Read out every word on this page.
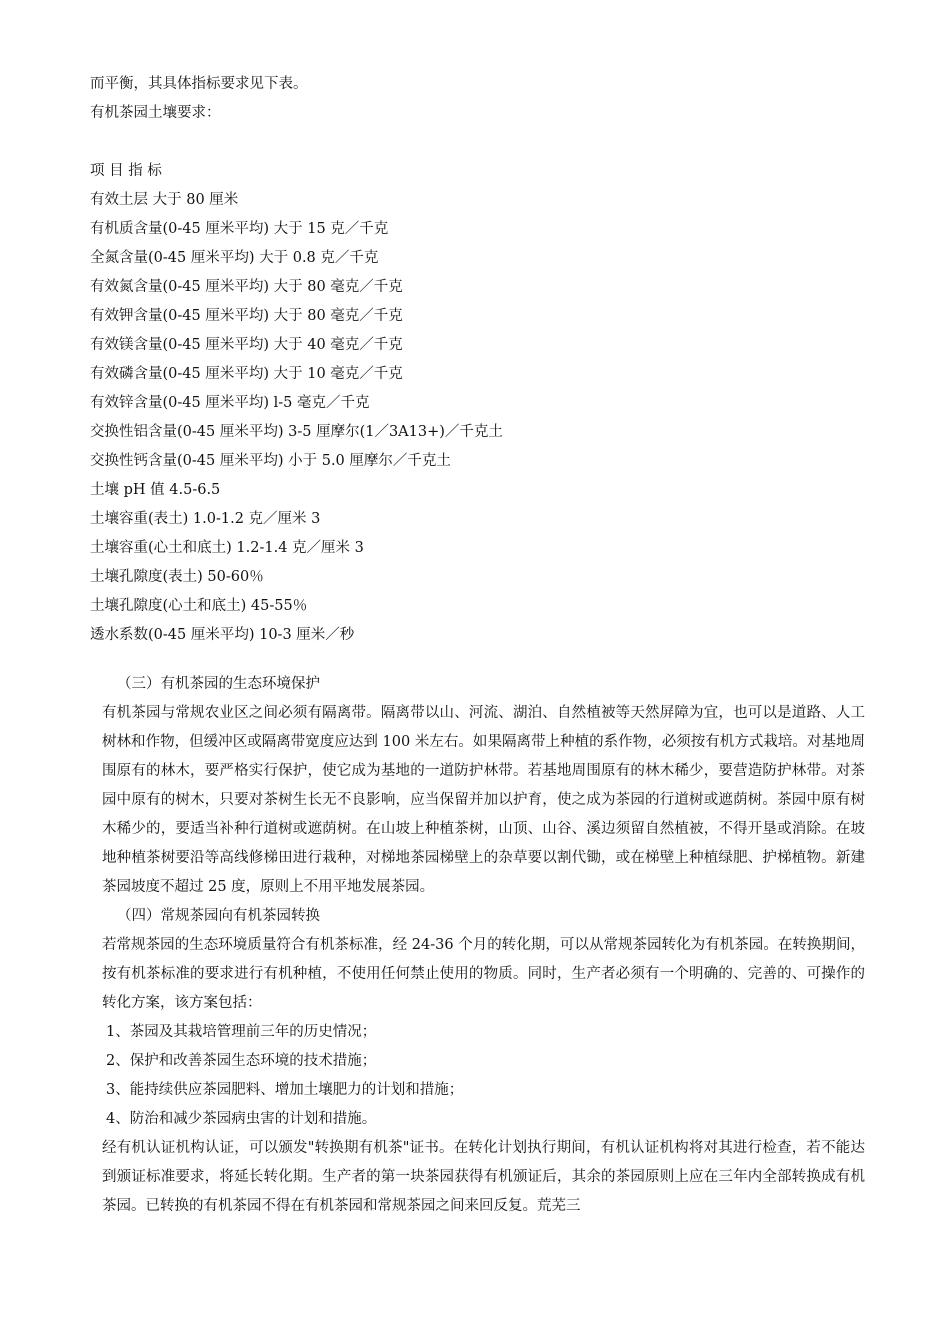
而平衡，其具体指标要求见下表。

有机茶园土壤要求：

项 目 指 标

有效土层 大于 80 厘米

有机质含量(0-45 厘米平均) 大于 15 克／千克

全氮含量(0-45 厘米平均) 大于 0.8 克／千克

有效氮含量(0-45 厘米平均) 大于 80 毫克／千克

有效钾含量(0-45 厘米平均) 大于 80 毫克／千克

有效镁含量(0-45 厘米平均) 大于 40 毫克／千克

有效磷含量(0-45 厘米平均) 大于 10 毫克／千克

有效锌含量(0-45 厘米平均) l-5 毫克／千克

交换性铝含量(0-45 厘米平均) 3-5 厘摩尔(1／3A13+)／千克土

交换性钙含量(0-45 厘米平均) 小于 5.0 厘摩尔／千克土

土壤 pH 值 4.5-6.5

土壤容重(表土) 1.0-1.2 克／厘米 3

土壤容重(心土和底土) 1.2-1.4 克／厘米 3

土壤孔隙度(表土) 50-60％

土壤孔隙度(心土和底土) 45-55％

透水系数(0-45 厘米平均) 10-3 厘米／秒

（三）有机茶园的生态环境保护

有机茶园与常规农业区之间必须有隔离带。隔离带以山、河流、湖泊、自然植被等天然屏障为宜，也可以是道路、人工树林和作物，但缓冲区或隔离带宽度应达到 100 米左右。如果隔离带上种植的系作物，必须按有机方式栽培。对基地周围原有的林木，要严格实行保护，使它成为基地的一道防护林带。若基地周围原有的林木稀少，要营造防护林带。对茶园中原有的树木，只要对茶树生长无不良影响，应当保留并加以护育，使之成为茶园的行道树或遮荫树。茶园中原有树木稀少的，要适当补种行道树或遮荫树。在山坡上种植茶树，山顶、山谷、溪边须留自然植被，不得开垦或消除。在坡地种植茶树要沿等高线修梯田进行栽种，对梯地茶园梯壁上的杂草要以割代锄，或在梯壁上种植绿肥、护梯植物。新建茶园坡度不超过 25 度，原则上不用平地发展茶园。

（四）常规茶园向有机茶园转换

若常规茶园的生态环境质量符合有机茶标准，经 24-36 个月的转化期，可以从常规茶园转化为有机茶园。在转换期间，按有机茶标准的要求进行有机种植，不使用任何禁止使用的物质。同时，生产者必须有一个明确的、完善的、可操作的转化方案，该方案包括：

1、茶园及其栽培管理前三年的历史情况；

2、保护和改善茶园生态环境的技术措施；

3、能持续供应茶园肥料、增加土壤肥力的计划和措施；

4、防治和减少茶园病虫害的计划和措施。

经有机认证机构认证，可以颁发"转换期有机茶"证书。在转化计划执行期间，有机认证机构将对其进行检查，若不能达到颁证标准要求，将延长转化期。生产者的第一块茶园获得有机颁证后，其余的茶园原则上应在三年内全部转换成有机茶园。已转换的有机茶园不得在有机茶园和常规茶园之间来回反复。荒芜三
